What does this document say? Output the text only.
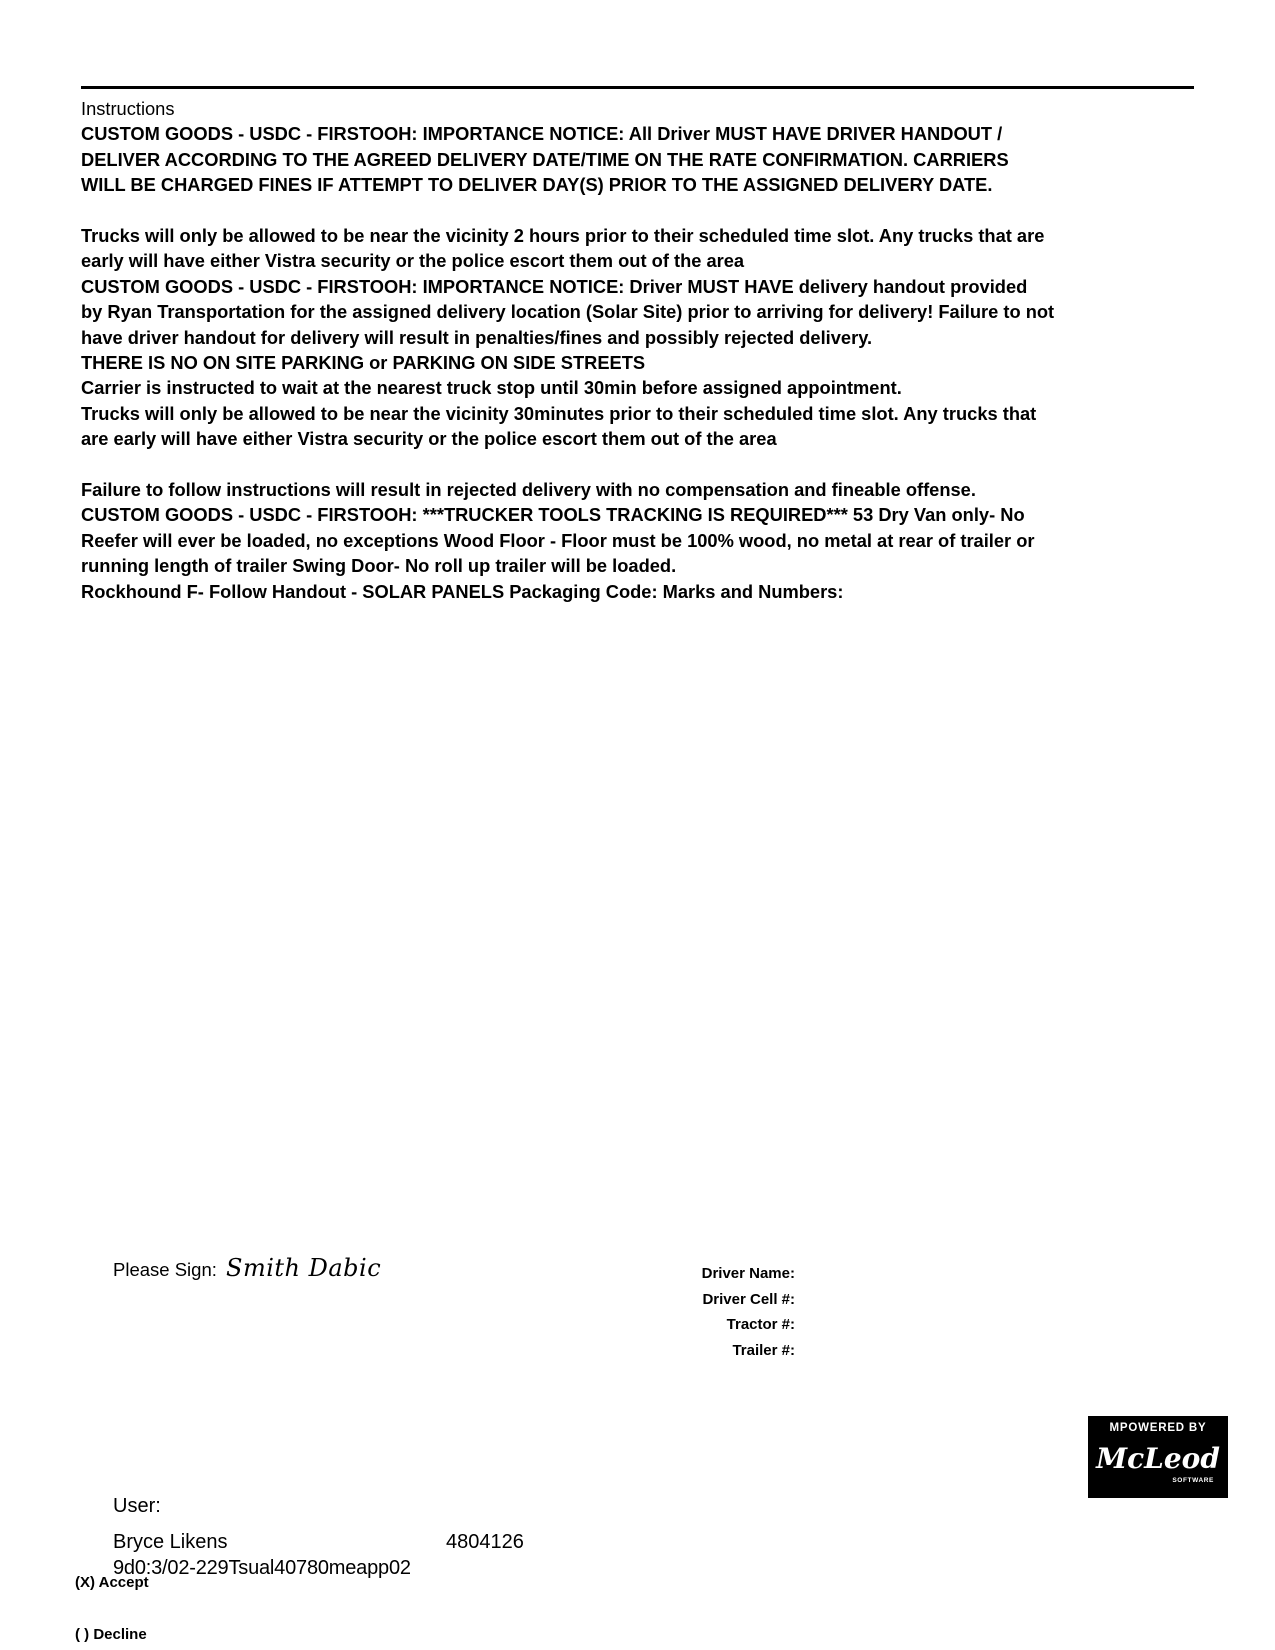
Instructions
CUSTOM GOODS - USDC - FIRSTOOH: IMPORTANCE NOTICE: All Driver MUST HAVE DRIVER HANDOUT /
DELIVER ACCORDING TO THE AGREED DELIVERY DATE/TIME ON THE RATE CONFIRMATION. CARRIERS
WILL BE CHARGED FINES IF ATTEMPT TO DELIVER DAY(S) PRIOR TO THE ASSIGNED DELIVERY DATE.
Trucks will only be allowed to be near the vicinity 2 hours prior to their scheduled time slot. Any trucks that are
early will have either Vistra security or the police escort them out of the area
CUSTOM GOODS - USDC - FIRSTOOH: IMPORTANCE NOTICE: Driver MUST HAVE delivery handout provided
by Ryan Transportation for the assigned delivery location (Solar Site) prior to arriving for delivery! Failure to not
have driver handout for delivery will result in penalties/fines and possibly rejected delivery.
THERE IS NO ON SITE PARKING or PARKING ON SIDE STREETS
Carrier is instructed to wait at the nearest truck stop until 30min before assigned appointment.
Trucks will only be allowed to be near the vicinity 30minutes prior to their scheduled time slot. Any trucks that
are early will have either Vistra security or the police escort them out of the area
Failure to follow instructions will result in rejected delivery with no compensation and fineable offense.
CUSTOM GOODS - USDC - FIRSTOOH: ***TRUCKER TOOLS TRACKING IS REQUIRED*** 53 Dry Van only- No
Reefer will ever be loaded, no exceptions Wood Floor - Floor must be 100% wood, no metal at rear of trailer or
running length of trailer Swing Door- No roll up trailer will be loaded.
Rockhound F- Follow Handout - SOLAR PANELS Packaging Code: Marks and Numbers:
Please Sign: Smith Dabic	Driver Name:
Driver Cell #:
Tractor #:
Trailer #:
MPOWERED BY
McLeod
SOFTWARE
User:
Bryce Likens	4804126
9d0:3/02-229Tsual40780meapp02
(X) Accept
( ) Decline
